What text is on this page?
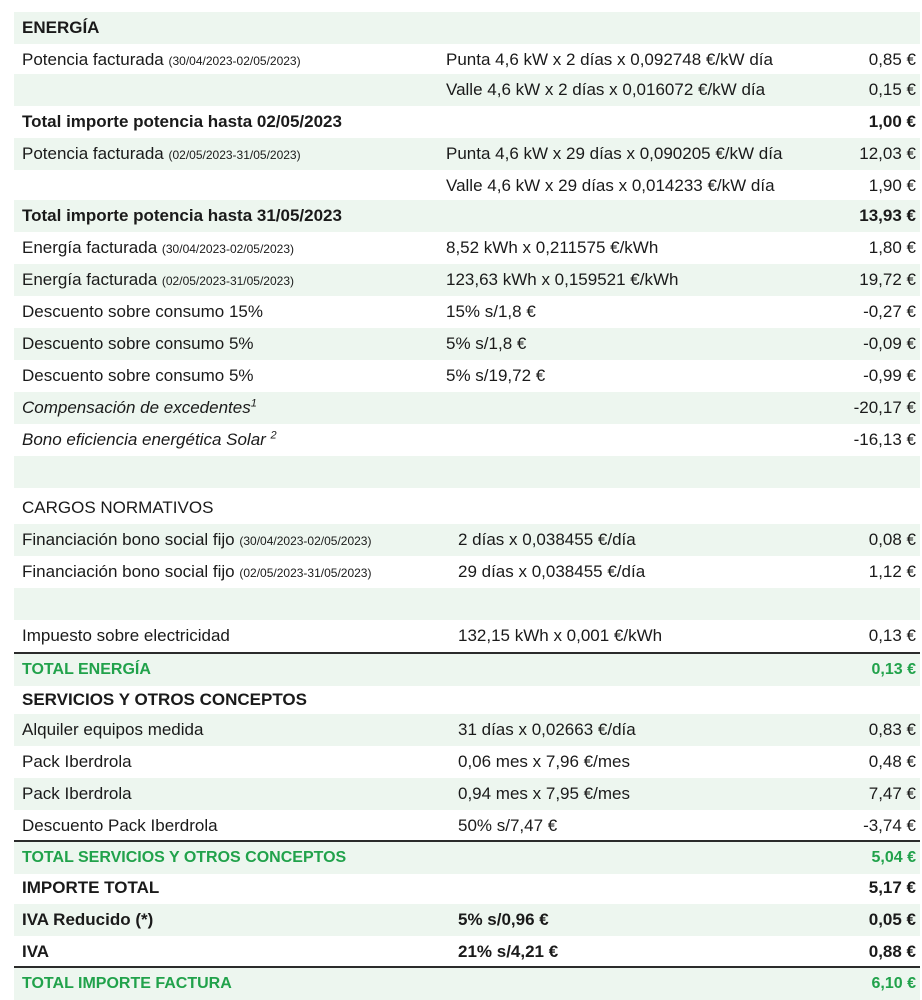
ENERGÍA
Potencia facturada (30/04/2023-02/05/2023)	Punta 4,6 kW x 2 días x 0,092748 €/kW día	0,85 €
Valle 4,6 kW x 2 días x 0,016072 €/kW día	0,15 €
Total importe potencia hasta 02/05/2023	1,00 €
Potencia facturada (02/05/2023-31/05/2023)	Punta 4,6 kW x 29 días x 0,090205 €/kW día	12,03 €
Valle 4,6 kW x 29 días x 0,014233 €/kW día	1,90 €
Total importe potencia hasta 31/05/2023	13,93 €
Energía facturada (30/04/2023-02/05/2023)	8,52 kWh x 0,211575 €/kWh	1,80 €
Energía facturada (02/05/2023-31/05/2023)	123,63 kWh x 0,159521 €/kWh	19,72 €
Descuento sobre consumo 15%	15% s/1,8 €	-0,27 €
Descuento sobre consumo 5%	5% s/1,8 €	-0,09 €
Descuento sobre consumo 5%	5% s/19,72 €	-0,99 €
Compensación de excedentes$^1$	-20,17 €
Bono eficiencia energética Solar $^2$	-16,13 €
CARGOS NORMATIVOS
Financiación bono social fijo (30/04/2023-02/05/2023)	2 días x 0,038455 €/día	0,08 €
Financiación bono social fijo (02/05/2023-31/05/2023)	29 días x 0,038455 €/día	1,12 €
Impuesto sobre electricidad	132,15 kWh x 0,001 €/kWh	0,13 €
TOTAL ENERGÍA	0,13 €
SERVICIOS Y OTROS CONCEPTOS
Alquiler equipos medida	31 días x 0,02663 €/día	0,83 €
Pack Iberdrola	0,06 mes x 7,96 €/mes	0,48 €
Pack Iberdrola	0,94 mes x 7,95 €/mes	7,47 €
Descuento Pack Iberdrola	50% s/7,47 €	-3,74 €
TOTAL SERVICIOS Y OTROS CONCEPTOS	5,04 €
IMPORTE TOTAL	5,17 €
IVA Reducido (*)	5% s/0,96 €	0,05 €
IVA	21% s/4,21 €	0,88 €
TOTAL IMPORTE FACTURA	6,10 €
